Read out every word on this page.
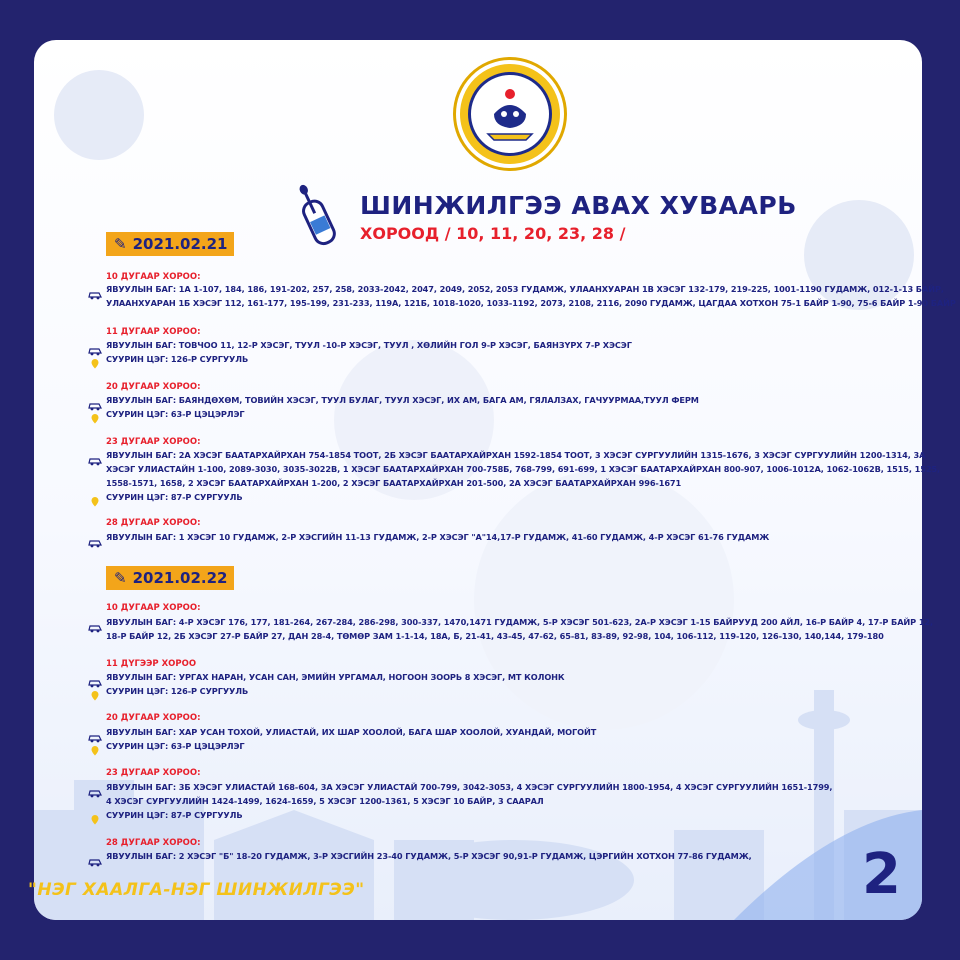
ШИНЖИЛГЭЭ АВАХ ХУВААРЬ
ХОРООД / 10, 11, 20, 23, 28 /
✎ 2021.02.21
10 ДУГААР ХОРОО:
ЯВУУЛЫН БАГ: 1А 1-107, 184, 186, 191-202, 257, 258, 2033-2042, 2047, 2049, 2052, 2053 ГУДАМЖ, УЛААНХУАРАН 1В ХЭСЭГ 132-179, 219-225, 1001-1190 ГУДАМЖ, 012-1-13 БАЙР,
УЛААНХУАРАН 1Б ХЭСЭГ 112, 161-177, 195-199, 231-233, 119А, 121Б, 1018-1020, 1033-1192, 2073, 2108, 2116, 2090 ГУДАМЖ, ЦАГДАА ХОТХОН 75-1 БАЙР 1-90, 75-6 БАЙР 1-90 БАЙР
11 ДУГААР ХОРОО:
ЯВУУЛЫН БАГ: ТОВЧОО 11, 12-Р ХЭСЭГ, ТУУЛ -10-Р ХЭСЭГ, ТУУЛ , ХӨЛИЙН ГОЛ 9-Р ХЭСЭГ, БАЯНЗҮРХ 7-Р ХЭСЭГ
СУУРИН ЦЭГ: 126-Р СУРГУУЛЬ
20 ДУГААР ХОРОО:
ЯВУУЛЫН БАГ: БАЯНДӨХӨМ, ТОВИЙН ХЭСЭГ, ТУУЛ БУЛАГ, ТУУЛ ХЭСЭГ, ИХ АМ, БАГА АМ, ГЯЛАЛЗАХ, ГАЧУУРМАА,ТУУЛ ФЕРМ
СУУРИН ЦЭГ: 63-Р ЦЭЦЭРЛЭГ
23 ДУГААР ХОРОО:
ЯВУУЛЫН БАГ: 2А ХЭСЭГ БААТАРХАЙРХАН 754-1854 ТООТ, 2Б ХЭСЭГ БААТАРХАЙРХАН 1592-1854 ТООТ, 3 ХЭСЭГ СУРГУУЛИЙН 1315-1676, 3 ХЭСЭГ СУРГУУЛИЙН 1200-1314, 3А
ХЭСЭГ УЛИАСТАЙН 1-100, 2089-3030, 3035-3022В, 1 ХЭСЭГ БААТАРХАЙРХАН 700-758Б, 768-799, 691-699, 1 ХЭСЭГ БААТАРХАЙРХАН 800-907, 1006-1012А, 1062-1062В, 1515, 1525,
1558-1571, 1658, 2 ХЭСЭГ БААТАРХАЙРХАН 1-200, 2 ХЭСЭГ БААТАРХАЙРХАН 201-500, 2А ХЭСЭГ БААТАРХАЙРХАН 996-1671
СУУРИН ЦЭГ: 87-Р СУРГУУЛЬ
28 ДУГААР ХОРОО:
ЯВУУЛЫН БАГ: 1 ХЭСЭГ 10 ГУДАМЖ, 2-Р ХЭСГИЙН 11-13 ГУДАМЖ, 2-Р ХЭСЭГ "А"14,17-Р ГУДАМЖ, 41-60 ГУДАМЖ, 4-Р ХЭСЭГ 61-76 ГУДАМЖ
✎ 2021.02.22
10 ДУГААР ХОРОО:
ЯВУУЛЫН БАГ: 4-Р ХЭСЭГ 176, 177, 181-264, 267-284, 286-298, 300-337, 1470,1471 ГУДАМЖ, 5-Р ХЭСЭГ 501-623, 2А-Р ХЭСЭГ 1-15 БАЙРУУД 200 АЙЛ, 16-Р БАЙР 4, 17-Р БАЙР 12,
18-Р БАЙР 12, 2Б ХЭСЭГ 27-Р БАЙР 27, ДАН 28-4, ТӨМӨР ЗАМ 1-1-14, 18А, Б, 21-41, 43-45, 47-62, 65-81, 83-89, 92-98, 104, 106-112, 119-120, 126-130, 140,144, 179-180
11 ДҮГЭЭР ХОРОО
ЯВУУЛЫН БАГ: УРГАХ НАРАН, УСАН САН, ЭМИЙН УРГАМАЛ, НОГООН ЗООРЬ 8 ХЭСЭГ, МТ КОЛОНК
СУУРИН ЦЭГ: 126-Р СУРГУУЛЬ
20 ДУГААР ХОРОО:
ЯВУУЛЫН БАГ: ХАР УСАН ТОХОЙ, УЛИАСТАЙ, ИХ ШАР ХООЛОЙ, БАГА ШАР ХООЛОЙ, ХУАНДАЙ, МОГОЙТ
СУУРИН ЦЭГ: 63-Р ЦЭЦЭРЛЭГ
23 ДУГААР ХОРОО:
ЯВУУЛЫН БАГ: 3Б ХЭСЭГ УЛИАСТАЙ 168-604, 3А ХЭСЭГ УЛИАСТАЙ 700-799, 3042-3053, 4 ХЭСЭГ СУРГУУЛИЙН 1800-1954, 4 ХЭСЭГ СУРГУУЛИЙН 1651-1799,
4 ХЭСЭГ СУРГУУЛИЙН 1424-1499, 1624-1659, 5 ХЭСЭГ 1200-1361, 5 ХЭСЭГ 10 БАЙР, 3 СААРАЛ
СУУРИН ЦЭГ: 87-Р СУРГУУЛЬ
28 ДУГААР ХОРОО:
ЯВУУЛЫН БАГ: 2 ХЭСЭГ "Б" 18-20 ГУДАМЖ, 3-Р ХЭСГИЙН 23-40 ГУДАМЖ, 5-Р ХЭСЭГ 90,91-Р ГУДАМЖ, ЦЭРГИЙН ХОТХОН 77-86 ГУДАМЖ,
"НЭГ ХААЛГА-НЭГ ШИНЖИЛГЭЭ"	2
